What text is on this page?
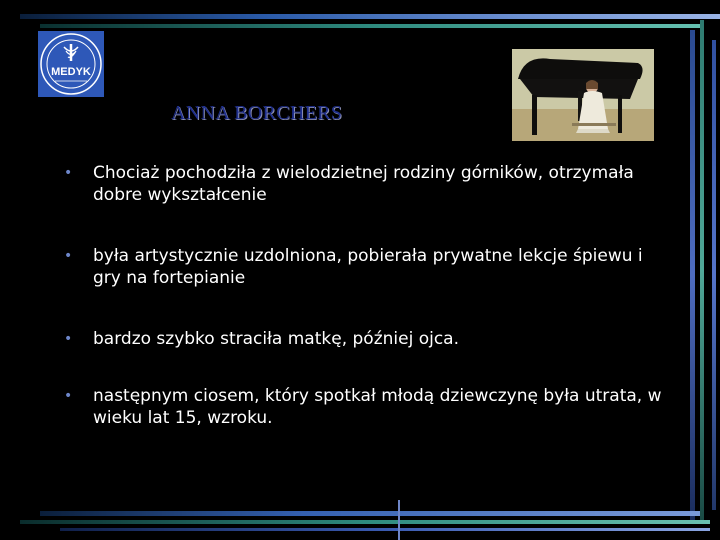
MEDYK
ANNA BORCHERS
• Chociaż pochodziła z wielodzietnej rodziny górników, otrzymała dobre wykształcenie
• była artystycznie uzdolniona, pobierała prywatne lekcje śpiewu i gry na fortepianie
• bardzo szybko straciła matkę, później ojca.
• następnym ciosem, który spotkał młodą dziewczynę była utrata, w wieku lat 15, wzroku.
